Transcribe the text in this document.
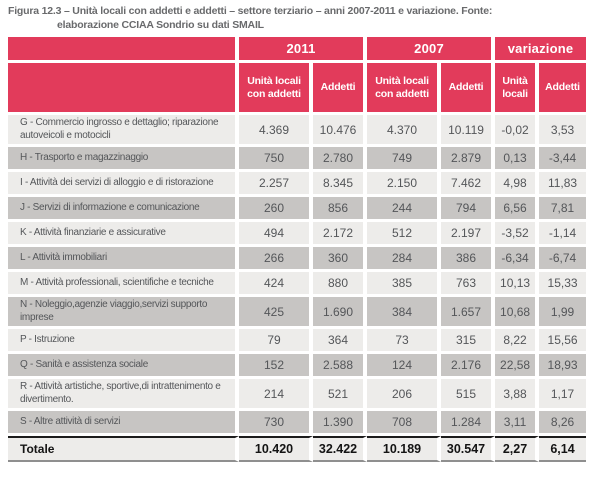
Figura 12.3 – Unità locali con addetti e addetti – settore terziario – anni 2007-2011 e variazione. Fonte:
elaborazione CCIAA Sondrio su dati SMAIL
	2011		2007		variazione	
	Unità locali con addetti	Addetti	Unità locali con addetti	Addetti	Unità locali	Addetti
G - Commercio ingrosso e dettaglio; riparazione autoveicoli e motocicli	4.369	10.476	4.370	10.119	-0,02	3,53
H - Trasporto e magazzinaggio	750	2.780	749	2.879	0,13	-3,44
I - Attività dei servizi di alloggio e di ristorazione	2.257	8.345	2.150	7.462	4,98	11,83
J - Servizi di informazione e comunicazione	260	856	244	794	6,56	7,81
K - Attività finanziarie e assicurative	494	2.172	512	2.197	-3,52	-1,14
L - Attività immobiliari	266	360	284	386	-6,34	-6,74
M - Attività professionali, scientifiche e tecniche	424	880	385	763	10,13	15,33
N - Noleggio,agenzie viaggio,servizi supporto imprese	425	1.690	384	1.657	10,68	1,99
P - Istruzione	79	364	73	315	8,22	15,56
Q - Sanità e assistenza sociale	152	2.588	124	2.176	22,58	18,93
R - Attività artistiche, sportive,di intrattenimento e divertimento.	214	521	206	515	3,88	1,17
S - Altre attività di servizi	730	1.390	708	1.284	3,11	8,26
Totale	10.420	32.422	10.189	30.547	2,27	6,14
